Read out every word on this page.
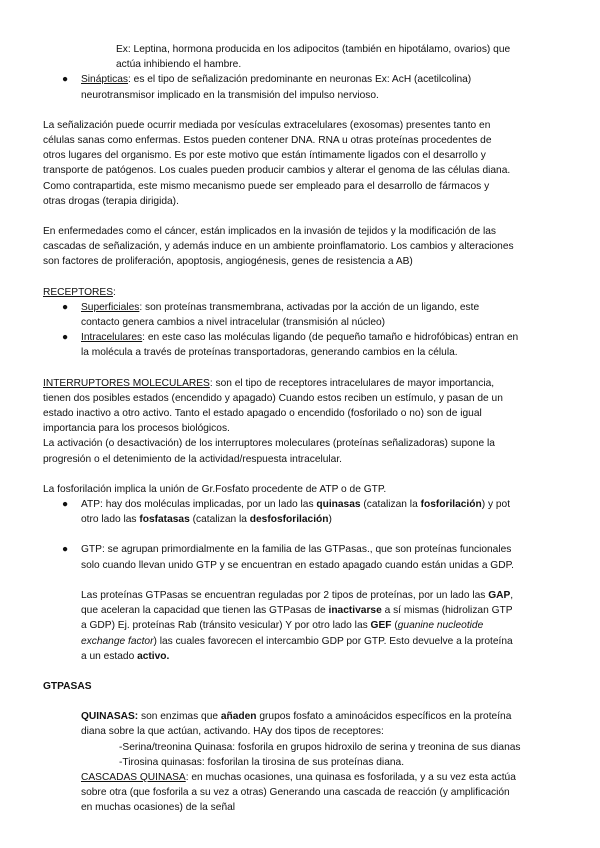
Ex: Leptina, hormona producida en los adipocitos (también en hipotálamo, ovarios) que

actúa inhibiendo el hambre.

● Sinápticas: es el tipo de señalización predominante en neuronas Ex: AcH (acetilcolina)

neurotransmisor implicado en la transmisión del impulso nervioso.

La señalización puede ocurrir mediada por vesículas extracelulares (exosomas) presentes tanto en

células sanas como enfermas. Estos pueden contener DNA. RNA u otras proteínas procedentes de

otros lugares del organismo. Es por este motivo que están íntimamente ligados con el desarrollo y

transporte de patógenos. Los cuales pueden producir cambios y alterar el genoma de las células diana.

Como contrapartida, este mismo mecanismo puede ser empleado para el desarrollo de fármacos y

otras drogas (terapia dirigida).

En enfermedades como el cáncer, están implicados en la invasión de tejidos y la modificación de las

cascadas de señalización, y además induce en un ambiente proinflamatorio. Los cambios y alteraciones

son factores de proliferación, apoptosis, angiogénesis, genes de resistencia a AB)

RECEPTORES:

● Superficiales: son proteínas transmembrana, activadas por la acción de un ligando, este

contacto genera cambios a nivel intracelular (transmisión al núcleo)

● Intracelulares: en este caso las moléculas ligando (de pequeño tamaño e hidrofóbicas) entran en

la molécula a través de proteínas transportadoras, generando cambios en la célula.

INTERRUPTORES MOLECULARES: son el tipo de receptores intracelulares de mayor importancia,

tienen dos posibles estados (encendido y apagado) Cuando estos reciben un estímulo, y pasan de un

estado inactivo a otro activo. Tanto el estado apagado o encendido (fosforilado o no) son de igual

importancia para los procesos biológicos.

La activación (o desactivación) de los interruptores moleculares (proteínas señalizadoras) supone la

progresión o el detenimiento de la actividad/respuesta intracelular.

La fosforilación implica la unión de Gr.Fosfato procedente de ATP o de GTP.

● ATP: hay dos moléculas implicadas, por un lado las quinasas (catalizan la fosforilación) y pot

otro lado las fosfatasas (catalizan la desfosforilación)

● GTP: se agrupan primordialmente en la familia de las GTPasas., que son proteínas funcionales

solo cuando llevan unido GTP y se encuentran en estado apagado cuando están unidas a GDP.

Las proteínas GTPasas se encuentran reguladas por 2 tipos de proteínas, por un lado las GAP,

que aceleran la capacidad que tienen las GTPasas de inactivarse a sí mismas (hidrolizan GTP

a GDP) Ej. proteínas Rab (tránsito vesicular) Y por otro lado las GEF (guanine nucleotide

exchange factor) las cuales favorecen el intercambio GDP por GTP. Esto devuelve a la proteína

a un estado activo.

GTPASAS

QUINASAS: son enzimas que añaden grupos fosfato a aminoácidos específicos en la proteína

diana sobre la que actúan, activando. HAy dos tipos de receptores:

-Serina/treonina Quinasa: fosforila en grupos hidroxilo de serina y treonina de sus dianas

-Tirosina quinasas: fosforilan la tirosina de sus proteínas diana.

CASCADAS QUINASA: en muchas ocasiones, una quinasa es fosforilada, y a su vez esta actúa

sobre otra (que fosforila a su vez a otras) Generando una cascada de reacción (y amplificación

en muchas ocasiones) de la señal
